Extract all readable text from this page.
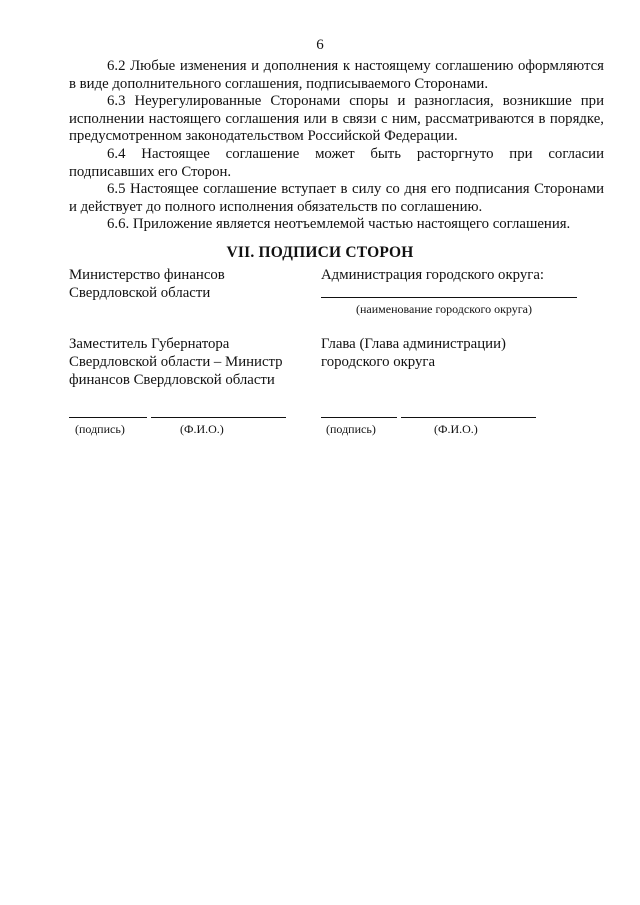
6

6.2 Любые изменения и дополнения к настоящему соглашению оформляются в виде дополнительного соглашения, подписываемого Сторонами.

6.3 Неурегулированные Сторонами споры и разногласия, возникшие при исполнении настоящего соглашения или в связи с ним, рассматриваются в порядке, предусмотренном законодательством Российской Федерации.

6.4 Настоящее соглашение может быть расторгнуто при согласии подписавших его Сторон.

6.5 Настоящее соглашение вступает в силу со дня его подписания Сторонами и действует до полного исполнения обязательств по соглашению.

6.6. Приложение является неотъемлемой частью настоящего соглашения.

VII. ПОДПИСИ СТОРОН
Министерство финансов
Свердловской области
Заместитель Губернатора
Свердловской области – Министр
финансов Свердловской области
(подпись)	(Ф.И.О.)
Администрация городского округа:
(наименование городского округа)
Глава (Глава администрации)
городского округа
(подпись)	(Ф.И.О.)
